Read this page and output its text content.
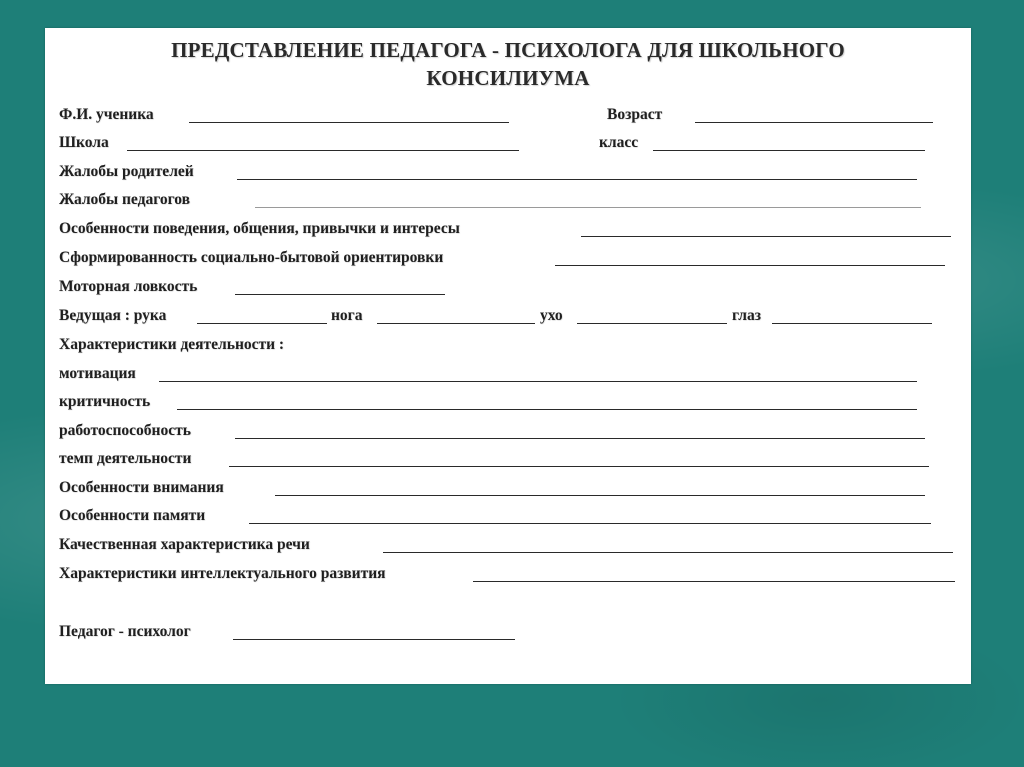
ПРЕДСТАВЛЕНИЕ ПЕДАГОГА - ПСИХОЛОГА ДЛЯ ШКОЛЬНОГО
КОНСИЛИУМА
Ф.И. ученика	Возраст
Школа	класс
Жалобы родителей
Жалобы педагогов
Особенности поведения, общения, привычки и интересы
Сформированность социально-бытовой ориентировки
Моторная ловкость
Ведущая : рука	нога	ухо	глаз
Характеристики деятельности :
мотивация
критичность
работоспособность
темп деятельности
Особенности внимания
Особенности памяти
Качественная характеристика речи
Характеристики интеллектуального развития
Педагог - психолог
